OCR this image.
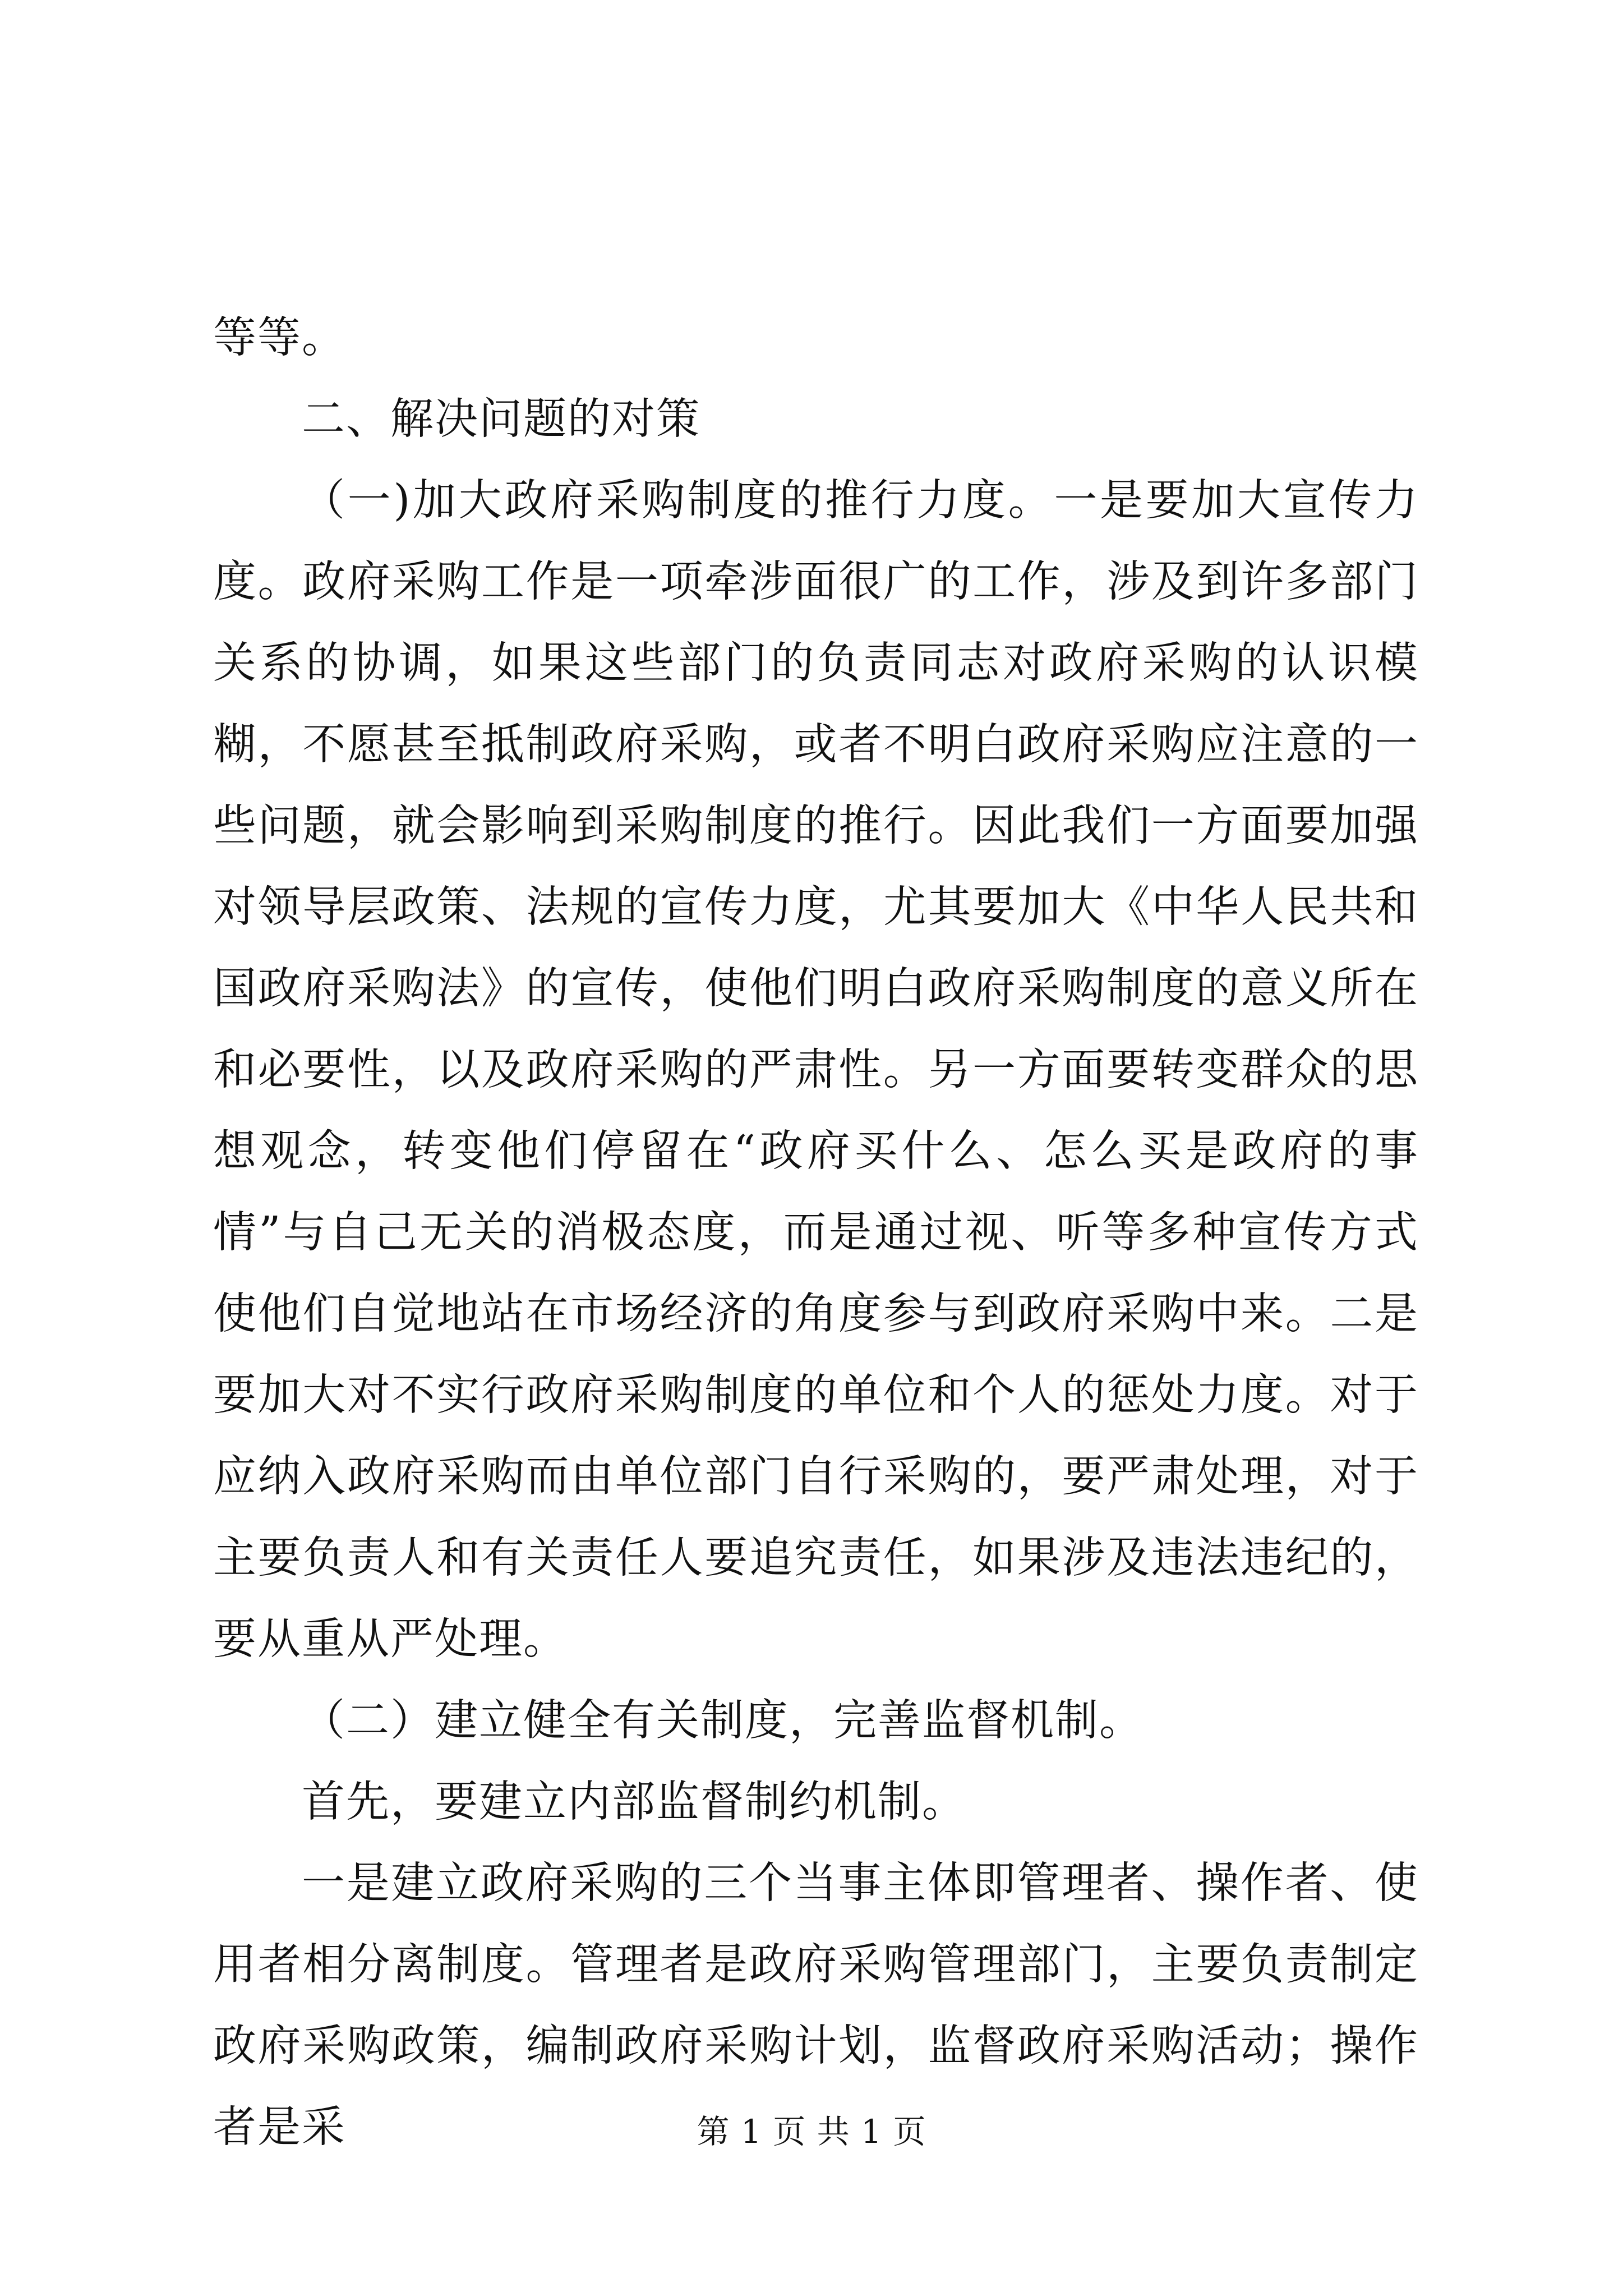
等等。

二、解决问题的对策

（一)加大政府采购制度的推行力度。一是要加大宣传力度。政府采购工作是一项牵涉面很广的工作，涉及到许多部门关系的协调，如果这些部门的负责同志对政府采购的认识模糊，不愿甚至抵制政府采购，或者不明白政府采购应注意的一些问题，就会影响到采购制度的推行。因此我们一方面要加强对领导层政策、法规的宣传力度，尤其要加大《中华人民共和国政府采购法》的宣传，使他们明白政府采购制度的意义所在和必要性，以及政府采购的严肃性。另一方面要转变群众的思想观念，转变他们停留在“政府买什么、怎么买是政府的事情”与自己无关的消极态度，而是通过视、听等多种宣传方式使他们自觉地站在市场经济的角度参与到政府采购中来。二是要加大对不实行政府采购制度的单位和个人的惩处力度。对于应纳入政府采购而由单位部门自行采购的，要严肃处理，对于主要负责人和有关责任人要追究责任，如果涉及违法违纪的，要从重从严处理。

（二）建立健全有关制度，完善监督机制。

首先，要建立内部监督制约机制。

一是建立政府采购的三个当事主体即管理者、操作者、使用者相分离制度。管理者是政府采购管理部门，主要负责制定政府采购政策，编制政府采购计划，监督政府采购活动；操作者是采	第 1 页 共 1 页
